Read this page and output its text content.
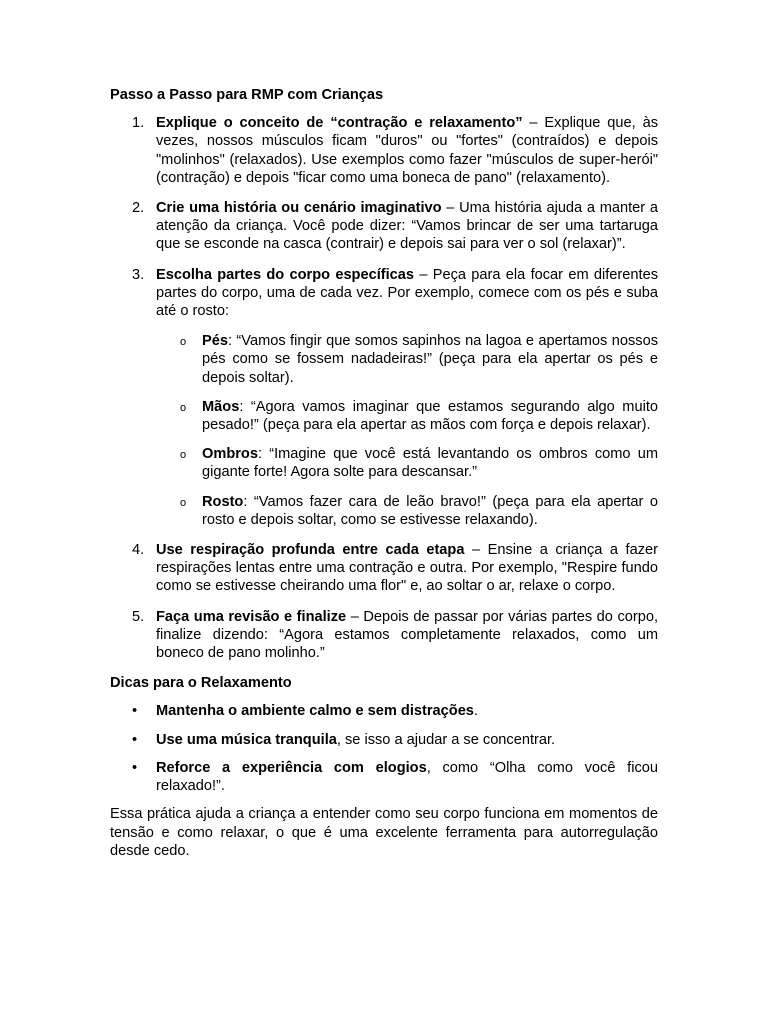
Passo a Passo para RMP com Crianças

1. Explique o conceito de “contração e relaxamento” – Explique que, às vezes, nossos músculos ficam "duros" ou "fortes" (contraídos) e depois "molinhos" (relaxados). Use exemplos como fazer "músculos de super-herói" (contração) e depois "ficar como uma boneca de pano" (relaxamento).

2. Crie uma história ou cenário imaginativo – Uma história ajuda a manter a atenção da criança. Você pode dizer: “Vamos brincar de ser uma tartaruga que se esconde na casca (contrair) e depois sai para ver o sol (relaxar)”.

3. Escolha partes do corpo específicas – Peça para ela focar em diferentes partes do corpo, uma de cada vez. Por exemplo, comece com os pés e suba até o rosto:

o Pés: “Vamos fingir que somos sapinhos na lagoa e apertamos nossos pés como se fossem nadadeiras!” (peça para ela apertar os pés e depois soltar).

o Mãos: “Agora vamos imaginar que estamos segurando algo muito pesado!” (peça para ela apertar as mãos com força e depois relaxar).

o Ombros: “Imagine que você está levantando os ombros como um gigante forte! Agora solte para descansar.”

o Rosto: “Vamos fazer cara de leão bravo!” (peça para ela apertar o rosto e depois soltar, como se estivesse relaxando).

4. Use respiração profunda entre cada etapa – Ensine a criança a fazer respirações lentas entre uma contração e outra. Por exemplo, "Respire fundo como se estivesse cheirando uma flor" e, ao soltar o ar, relaxe o corpo.

5. Faça uma revisão e finalize – Depois de passar por várias partes do corpo, finalize dizendo: “Agora estamos completamente relaxados, como um boneco de pano molinho.”

Dicas para o Relaxamento

• Mantenha o ambiente calmo e sem distrações.

• Use uma música tranquila, se isso a ajudar a se concentrar.

• Reforce a experiência com elogios, como “Olha como você ficou relaxado!”.

Essa prática ajuda a criança a entender como seu corpo funciona em momentos de tensão e como relaxar, o que é uma excelente ferramenta para autorregulação desde cedo.
